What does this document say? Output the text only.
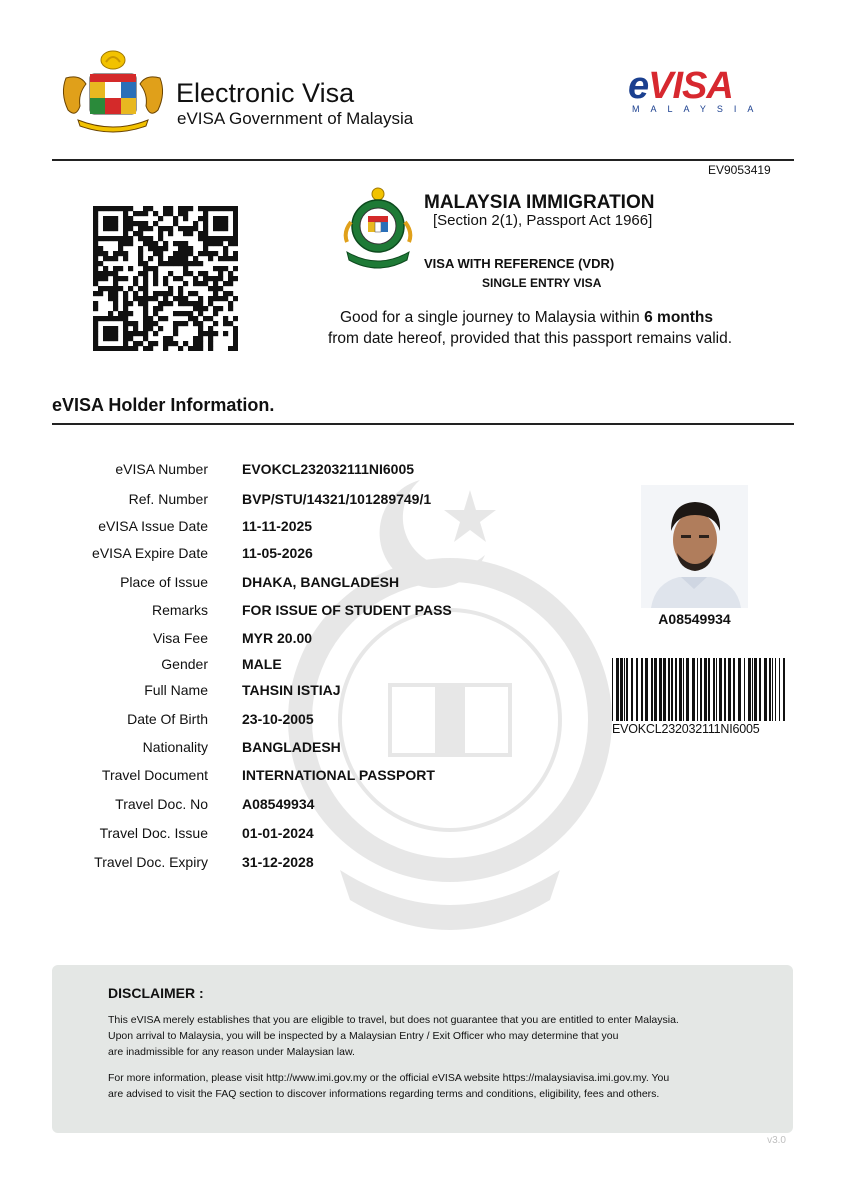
Electronic Visa
eVISA Government of Malaysia
eVISA
MALAYSIA
EV9053419
MALAYSIA IMMIGRATION
[Section 2(1), Passport Act 1966]
VISA WITH REFERENCE (VDR)
SINGLE ENTRY VISA
Good for a single journey to Malaysia within 6 months
from date hereof, provided that this passport remains valid.
eVISA Holder Information.
eVISA Number EVOKCL232032111NI6005
Ref. Number BVP/STU/14321/101289749/1
eVISA Issue Date 11-11-2025
eVISA Expire Date 11-05-2026
Place of Issue DHAKA, BANGLADESH
Remarks FOR ISSUE OF STUDENT PASS
Visa Fee MYR 20.00
Gender MALE
Full Name TAHSIN ISTIAJ
Date Of Birth 23-10-2005
Nationality BANGLADESH
Travel Document INTERNATIONAL PASSPORT
Travel Doc. No A08549934
Travel Doc. Issue 01-01-2024
Travel Doc. Expiry 31-12-2028
A08549934
EVOKCL232032111NI6005
DISCLAIMER :
This eVISA merely establishes that you are eligible to travel, but does not guarantee that you are entitled to enter Malaysia.
Upon arrival to Malaysia, you will be inspected by a Malaysian Entry / Exit Officer who may determine that you
are inadmissible for any reason under Malaysian law.
For more information, please visit http://www.imi.gov.my or the official eVISA website https://malaysiavisa.imi.gov.my. You
are advised to visit the FAQ section to discover informations regarding terms and conditions, eligibility, fees and others.
v3.0
